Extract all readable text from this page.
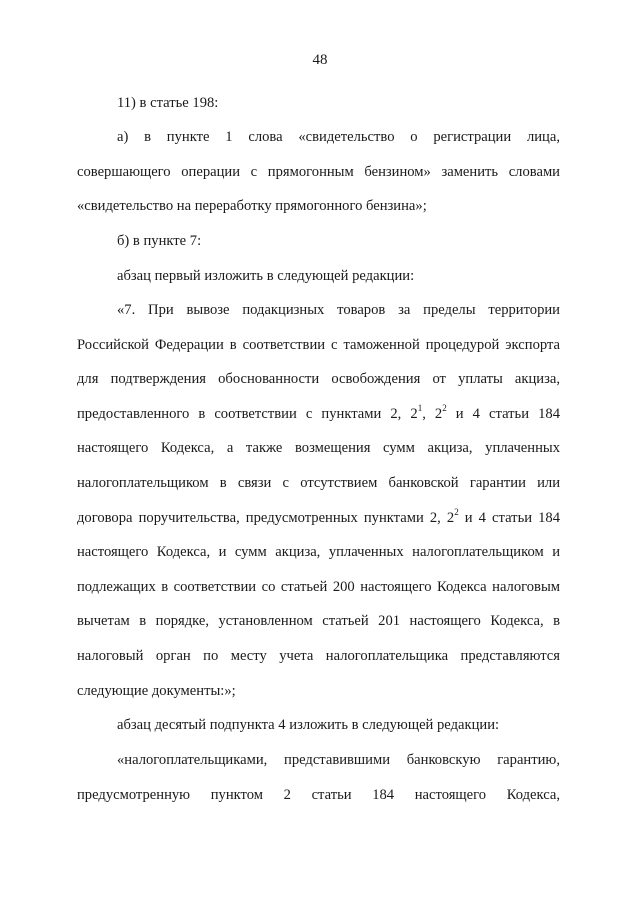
48

11) в статье 198:

а) в пункте 1 слова «свидетельство о регистрации лица,

совершающего операции с прямогонным бензином» заменить словами

«свидетельство на переработку прямогонного бензина»;

б) в пункте 7:

абзац первый изложить в следующей редакции:

«7. При вывозе подакцизных товаров за пределы территории

Российской Федерации в соответствии с таможенной процедурой экспорта

для подтверждения обоснованности освобождения от уплаты акциза,

предоставленного в соответствии с пунктами 2, $2^1$, $2^2$ и 4 статьи 184

настоящего Кодекса, а также возмещения сумм акциза, уплаченных

налогоплательщиком в связи с отсутствием банковской гарантии или

договора поручительства, предусмотренных пунктами 2, $2^2$ и 4 статьи 184

настоящего Кодекса, и сумм акциза, уплаченных налогоплательщиком и

подлежащих в соответствии со статьей 200 настоящего Кодекса налоговым

вычетам в порядке, установленном статьей 201 настоящего Кодекса, в

налоговый орган по месту учета налогоплательщика представляются

следующие документы:»;

абзац десятый подпункта 4 изложить в следующей редакции:

«налогоплательщиками, представившими банковскую гарантию,

предусмотренную пунктом 2 статьи 184 настоящего Кодекса,
